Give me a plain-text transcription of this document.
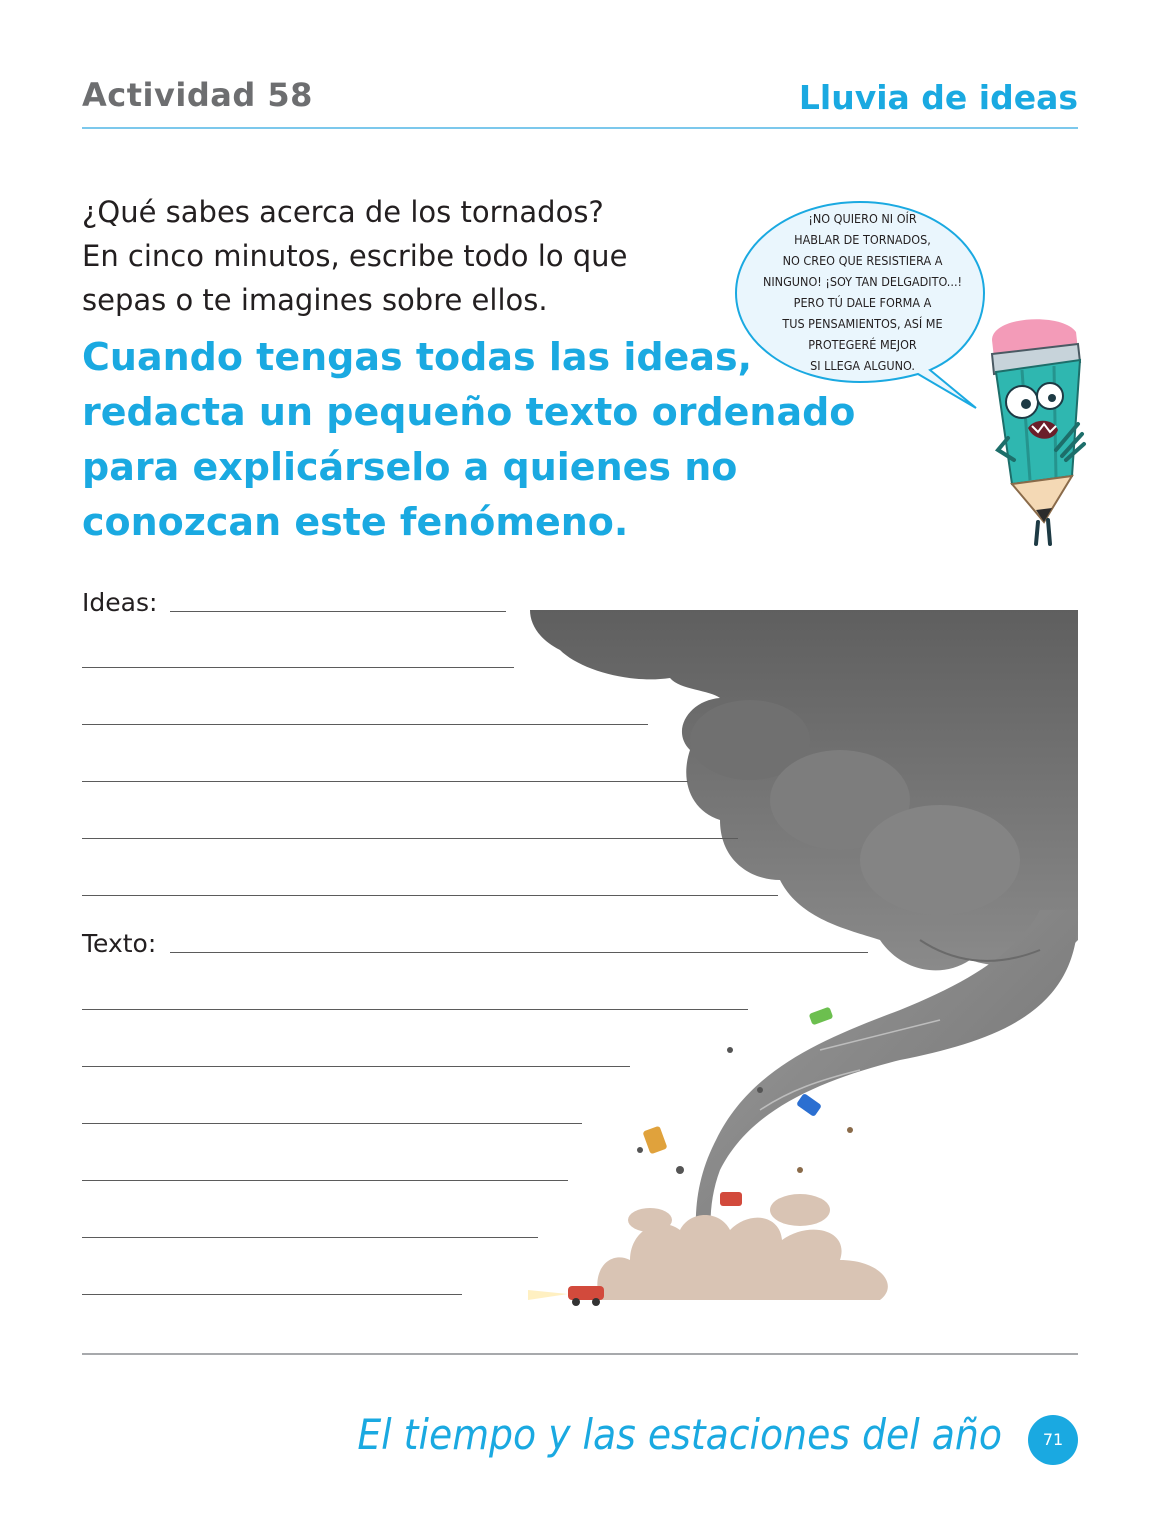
Actividad 58	Lluvia de ideas
¿Qué sabes acerca de los tornados?
En cinco minutos, escribe todo lo que
sepas o te imagines sobre ellos.
Cuando tengas todas las ideas,
redacta un pequeño texto ordenado
para explicárselo a quienes no
conozcan este fenómeno.
¡NO QUIERO NI OÍR
HABLAR DE TORNADOS,
NO CREO QUE RESISTIERA A
NINGUNO! ¡SOY TAN DELGADITO...!
PERO TÚ DALE FORMA A
TUS PENSAMIENTOS, ASÍ ME
PROTEGERÉ MEJOR
SI LLEGA ALGUNO.
Ideas:
Texto:
El tiempo y las estaciones del año	71
